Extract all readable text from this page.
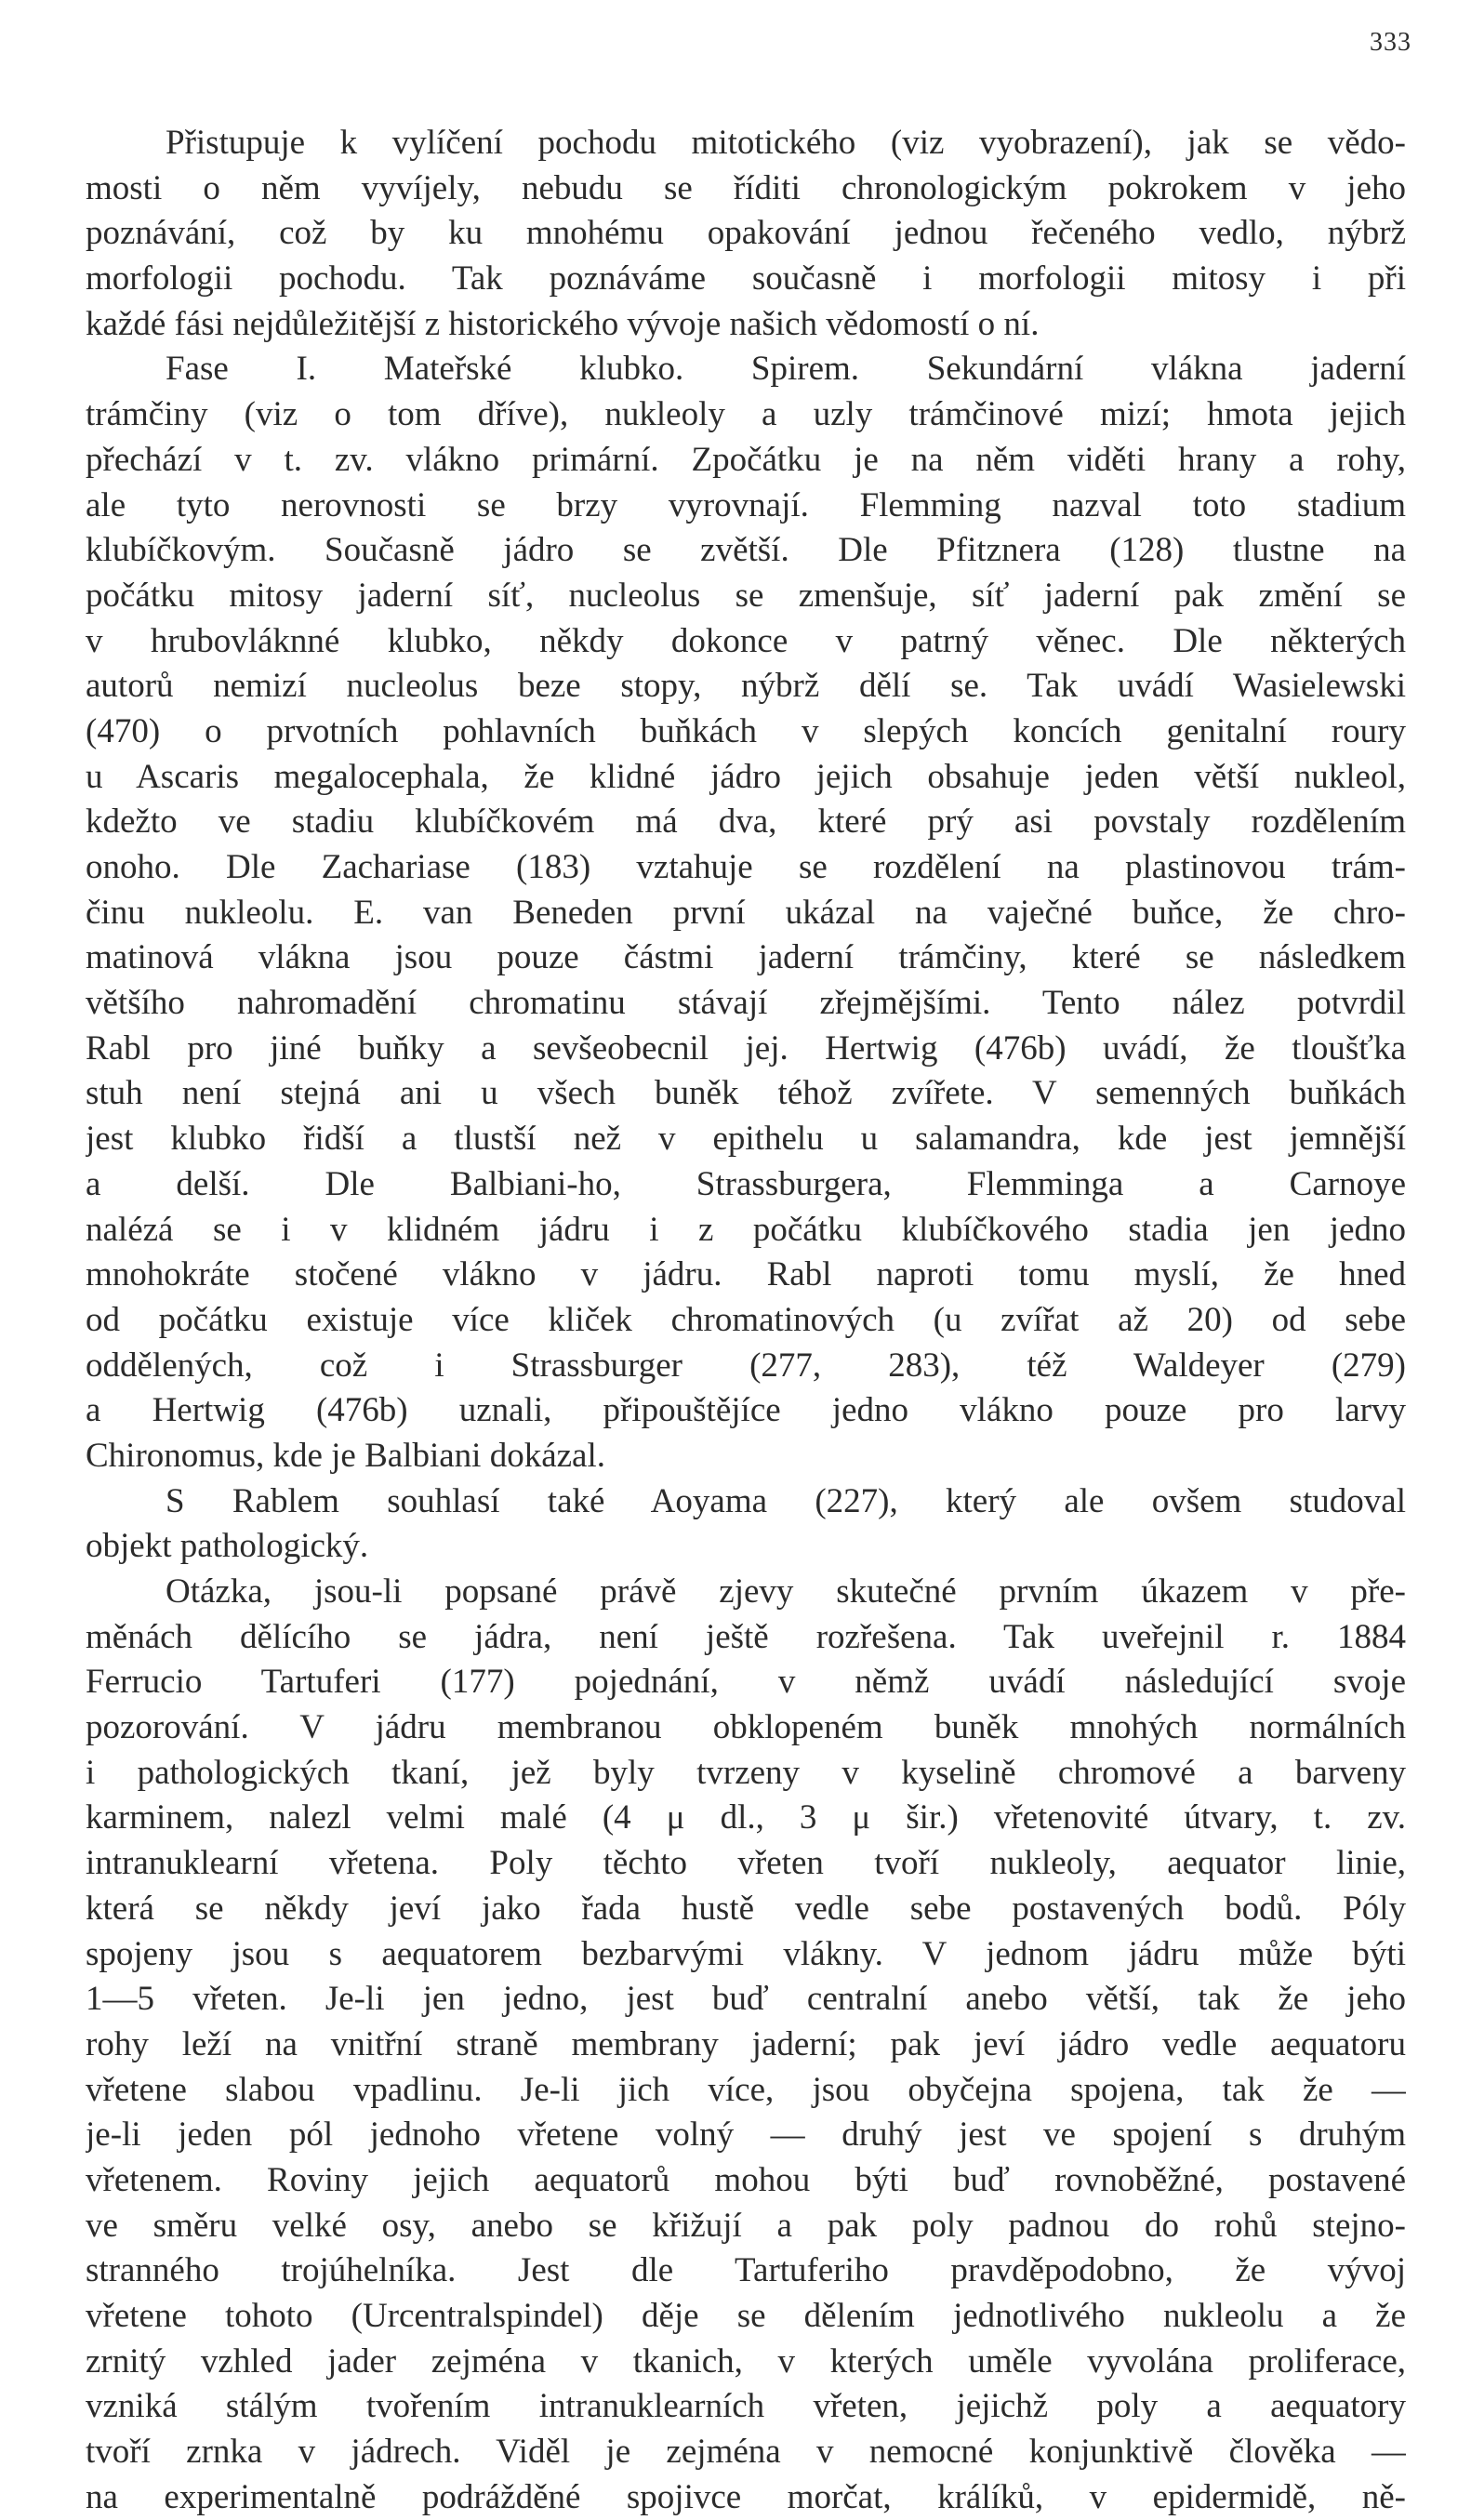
333
Přistupuje k vylíčení pochodu mitotického (viz vyobrazení), jak se vědo-
mosti o něm vyvíjely, nebudu se říditi chronologickým pokrokem v jeho
poznávání, což by ku mnohému opakování jednou řečeného vedlo, nýbrž
morfologii pochodu. Tak poznáváme současně i morfologii mitosy i při
každé fási nejdůležitější z historického vývoje našich vědomostí o ní.
Fase I. Mateřské klubko. Spirem. Sekundární vlákna jaderní
trámčiny (viz o tom dříve), nukleoly a uzly trámčinové mizí; hmota jejich
přechází v t. zv. vlákno primární. Zpočátku je na něm viděti hrany a rohy,
ale tyto nerovnosti se brzy vyrovnají. Flemming nazval toto stadium
klubíčkovým. Současně jádro se zvětší. Dle Pfitznera (128) tlustne na
počátku mitosy jaderní síť, nucleolus se zmenšuje, síť jaderní pak změní se
v hrubovláknné klubko, někdy dokonce v patrný věnec. Dle některých
autorů nemizí nucleolus beze stopy, nýbrž dělí se. Tak uvádí Wasielewski
(470) o prvotních pohlavních buňkách v slepých koncích genitalní roury
u Ascaris megalocephala, že klidné jádro jejich obsahuje jeden větší nukleol,
kdežto ve stadiu klubíčkovém má dva, které prý asi povstaly rozdělením
onoho. Dle Zachariase (183) vztahuje se rozdělení na plastinovou trám-
činu nukleolu. E. van Beneden první ukázal na vaječné buňce, že chro-
matinová vlákna jsou pouze částmi jaderní trámčiny, které se následkem
většího nahromadění chromatinu stávají zřejmějšími. Tento nález potvrdil
Rabl pro jiné buňky a sevšeobecnil jej. Hertwig (476b) uvádí, že tloušťka
stuh není stejná ani u všech buněk téhož zvířete. V semenných buňkách
jest klubko řidší a tlustší než v epithelu u salamandra, kde jest jemnější
a delší. Dle Balbiani-ho, Strassburgera, Flemminga a Carnoye
nalézá se i v klidném jádru i z počátku klubíčkového stadia jen jedno
mnohokráte stočené vlákno v jádru. Rabl naproti tomu myslí, že hned
od počátku existuje více kliček chromatinových (u zvířat až 20) od sebe
oddělených, což i Strassburger (277, 283), též Waldeyer (279)
a Hertwig (476b) uznali, připouštějíce jedno vlákno pouze pro larvy
Chironomus, kde je Balbiani dokázal.
S Rablem souhlasí také Aoyama (227), který ale ovšem studoval
objekt pathologický.
Otázka, jsou-li popsané právě zjevy skutečné prvním úkazem v pře-
měnách dělícího se jádra, není ještě rozřešena. Tak uveřejnil r. 1884
Ferrucio Tartuferi (177) pojednání, v němž uvádí následující svoje
pozorování. V jádru membranou obklopeném buněk mnohých normálních
i pathologických tkaní, jež byly tvrzeny v kyselině chromové a barveny
karminem, nalezl velmi malé (4 μ dl., 3 μ šir.) vřetenovité útvary, t. zv.
intranuklearní vřetena. Poly těchto vřeten tvoří nukleoly, aequator linie,
která se někdy jeví jako řada hustě vedle sebe postavených bodů. Póly
spojeny jsou s aequatorem bezbarvými vlákny. V jednom jádru může býti
1—5 vřeten. Je-li jen jedno, jest buď centralní anebo větší, tak že jeho
rohy leží na vnitřní straně membrany jaderní; pak jeví jádro vedle aequatoru
vřetene slabou vpadlinu. Je-li jich více, jsou obyčejna spojena, tak že —
je-li jeden pól jednoho vřetene volný — druhý jest ve spojení s druhým
vřetenem. Roviny jejich aequatorů mohou býti buď rovnoběžné, postavené
ve směru velké osy, anebo se křižují a pak poly padnou do rohů stejno-
stranného trojúhelníka. Jest dle Tartuferiho pravděpodobno, že vývoj
vřetene tohoto (Urcentralspindel) děje se dělením jednotlivého nukleolu a že
zrnitý vzhled jader zejména v tkanich, v kterých uměle vyvolána proliferace,
vzniká stálým tvořením intranuklearních vřeten, jejichž poly a aequatory
tvoří zrnka v jádrech. Viděl je zejména v nemocné konjunktivě člověka —
na experimentalně podrážděné spojivce morčat, králíků, v epidermidě, ně-
